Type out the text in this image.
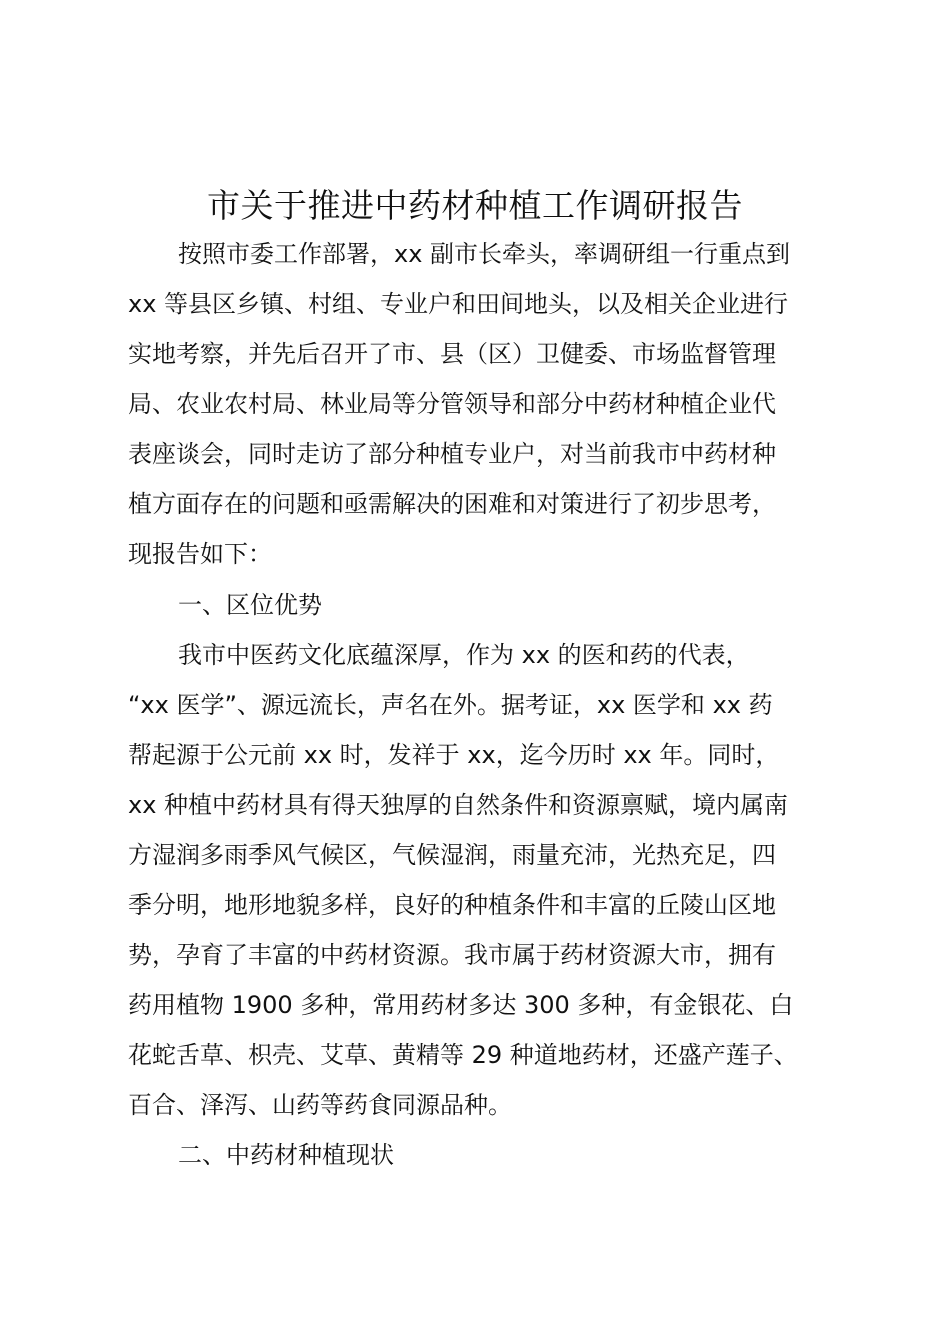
市关于推进中药材种植工作调研报告
按照市委工作部署，xx 副市长牵头，率调研组一行重点到
xx 等县区乡镇、村组、专业户和田间地头，以及相关企业进行
实地考察，并先后召开了市、县（区）卫健委、市场监督管理
局、农业农村局、林业局等分管领导和部分中药材种植企业代
表座谈会，同时走访了部分种植专业户，对当前我市中药材种
植方面存在的问题和亟需解决的困难和对策进行了初步思考，
现报告如下：
一、区位优势
我市中医药文化底蕴深厚，作为 xx 的医和药的代表，
“xx 医学”、源远流长，声名在外。据考证，xx 医学和 xx 药
帮起源于公元前 xx 时，发祥于 xx，迄今历时 xx 年。同时，
xx 种植中药材具有得天独厚的自然条件和资源禀赋，境内属南
方湿润多雨季风气候区，气候湿润，雨量充沛，光热充足，四
季分明，地形地貌多样，良好的种植条件和丰富的丘陵山区地
势，孕育了丰富的中药材资源。我市属于药材资源大市，拥有
药用植物 1900 多种，常用药材多达 300 多种，有金银花、白
花蛇舌草、枳壳、艾草、黄精等 29 种道地药材，还盛产莲子、
百合、泽泻、山药等药食同源品种。
二、中药材种植现状
